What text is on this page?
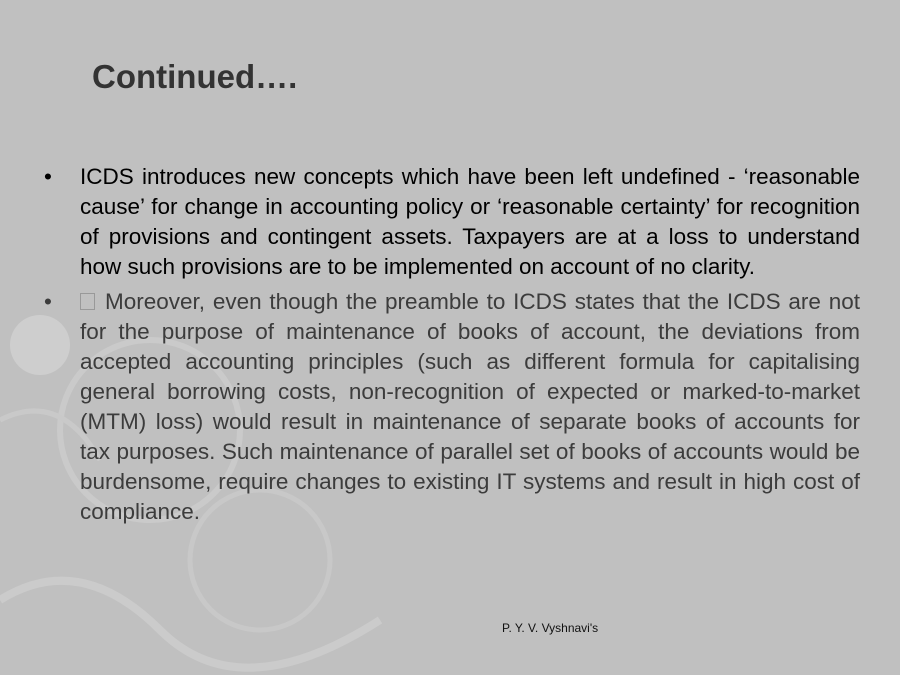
Continued….
• ICDS introduces new concepts which have been left undefined - ‘reasonable cause’ for change in accounting policy or ‘reasonable certainty’ for recognition of provisions and contingent assets. Taxpayers are at a loss to understand how such provisions are to be implemented on account of no clarity.
• Moreover, even though the preamble to ICDS states that the ICDS are not for the purpose of maintenance of books of account, the deviations from accepted accounting principles (such as different formula for capitalising general borrowing costs, non-recognition of expected or marked-to-market (MTM) loss) would result in maintenance of separate books of accounts for tax purposes. Such maintenance of parallel set of books of accounts would be burdensome, require changes to existing IT systems and result in high cost of compliance.
P. Y. V. Vyshnavi's
